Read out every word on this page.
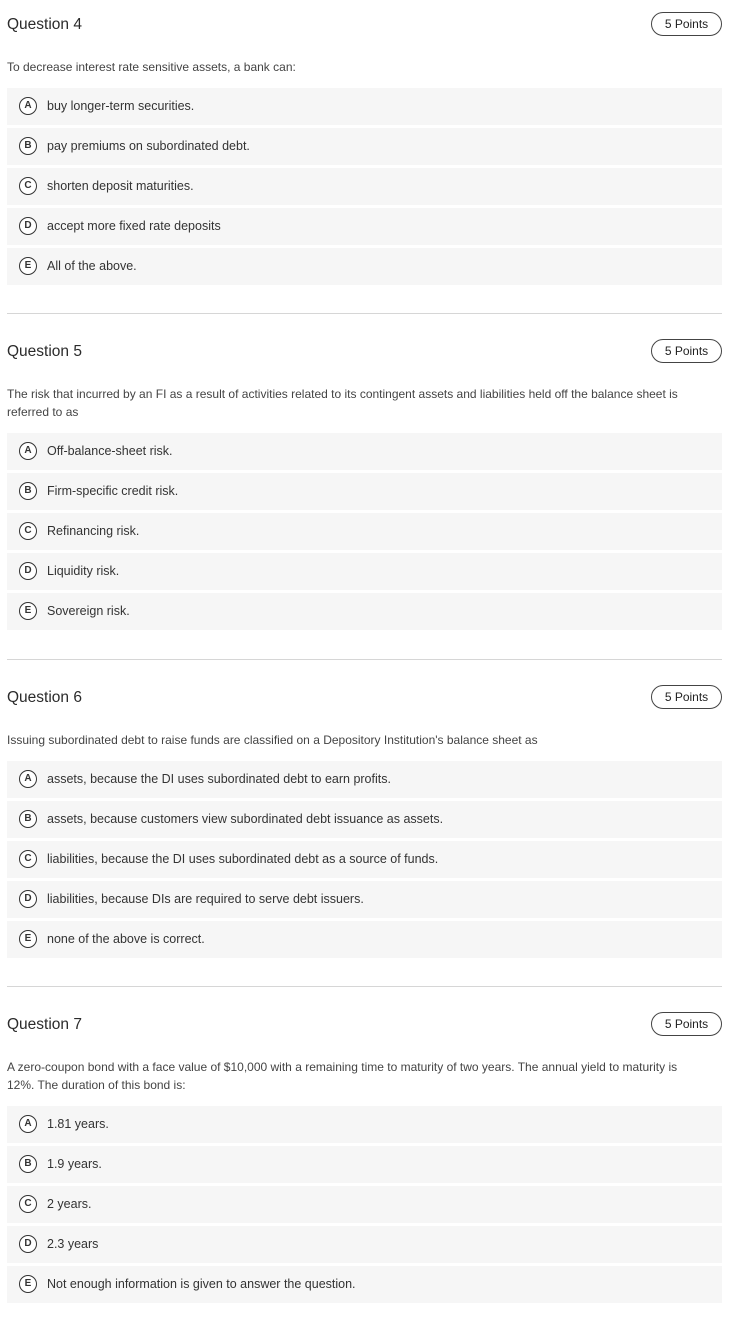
Question 4	5 Points
To decrease interest rate sensitive assets, a bank can:
A	buy longer-term securities.
B	pay premiums on subordinated debt.
C	shorten deposit maturities.
D	accept more fixed rate deposits
E	All of the above.
Question 5	5 Points
The risk that incurred by an FI as a result of activities related to its contingent assets and liabilities held off the balance sheet is referred to as
A	Off-balance-sheet risk.
B	Firm-specific credit risk.
C	Refinancing risk.
D	Liquidity risk.
E	Sovereign risk.
Question 6	5 Points
Issuing subordinated debt to raise funds are classified on a Depository Institution's balance sheet as
A	assets, because the DI uses subordinated debt to earn profits.
B	assets, because customers view subordinated debt issuance as assets.
C	liabilities, because the DI uses subordinated debt as a source of funds.
D	liabilities, because DIs are required to serve debt issuers.
E	none of the above is correct.
Question 7	5 Points
A zero-coupon bond with a face value of $10,000 with a remaining time to maturity of two years. The annual yield to maturity is 12%. The duration of this bond is:
A	1.81 years.
B	1.9 years.
C	2 years.
D	2.3 years
E	Not enough information is given to answer the question.
